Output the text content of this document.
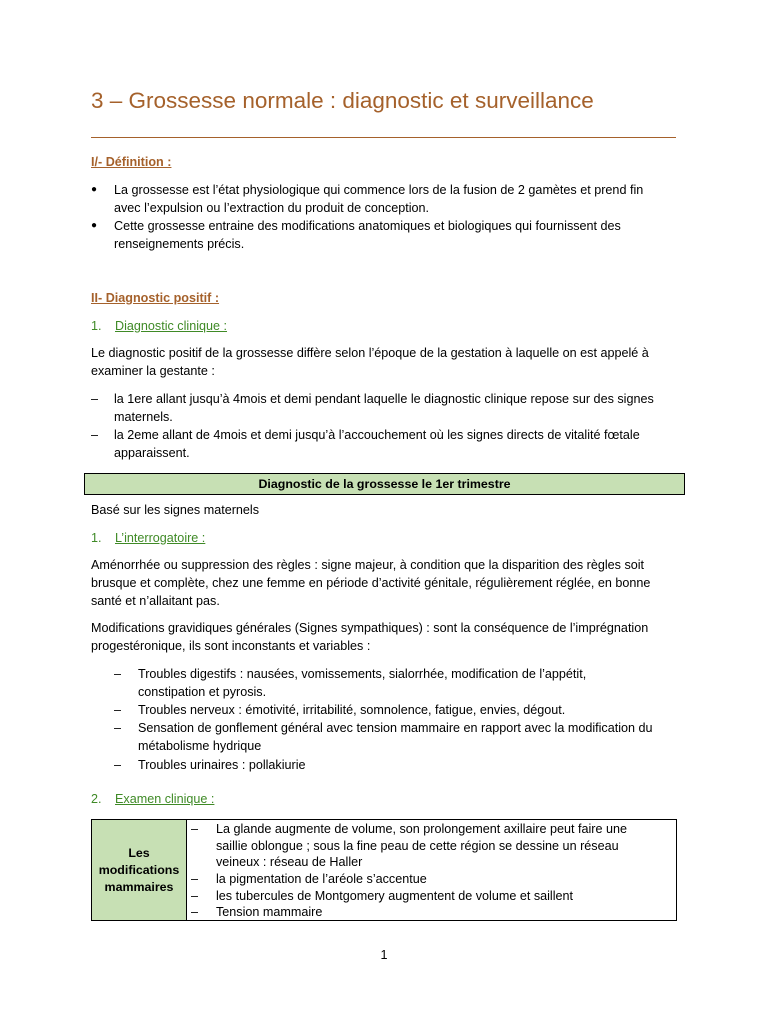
3 – Grossesse normale : diagnostic et surveillance
I/- Définition :
● La grossesse est l’état physiologique qui commence lors de la fusion de 2 gamètes et prend fin
avec l’expulsion ou l’extraction du produit de conception.
● Cette grossesse entraine des modifications anatomiques et biologiques qui fournissent des
renseignements précis.
II- Diagnostic positif :
1. Diagnostic clinique :
Le diagnostic positif de la grossesse diffère selon l’époque de la gestation à laquelle on est appelé à
examiner la gestante :
– la 1ere allant jusqu’à 4mois et demi pendant laquelle le diagnostic clinique repose sur des signes
maternels.
– la 2eme allant de 4mois et demi jusqu’à l’accouchement où les signes directs de vitalité fœtale
apparaissent.
Diagnostic de la grossesse le 1er trimestre
Basé sur les signes maternels
1. L’interrogatoire :
Aménorrhée ou suppression des règles : signe majeur, à condition que la disparition des règles soit
brusque et complète, chez une femme en période d’activité génitale, régulièrement réglée, en bonne
santé et n’allaitant pas.
Modifications gravidiques générales (Signes sympathiques) : sont la conséquence de l’imprégnation
progestéronique, ils sont inconstants et variables :
– Troubles digestifs : nausées, vomissements, sialorrhée, modification de l’appétit,
constipation et pyrosis.
– Troubles nerveux : émotivité, irritabilité, somnolence, fatigue, envies, dégout.
– Sensation de gonflement général avec tension mammaire en rapport avec la modification du
métabolisme hydrique
– Troubles urinaires : pollakiurie
2. Examen clinique :
Les
modifications
mammaires
– La glande augmente de volume, son prolongement axillaire peut faire une
saillie oblongue ; sous la fine peau de cette région se dessine un réseau
veineux : réseau de Haller
– la pigmentation de l’aréole s’accentue
– les tubercules de Montgomery augmentent de volume et saillent
– Tension mammaire
1
